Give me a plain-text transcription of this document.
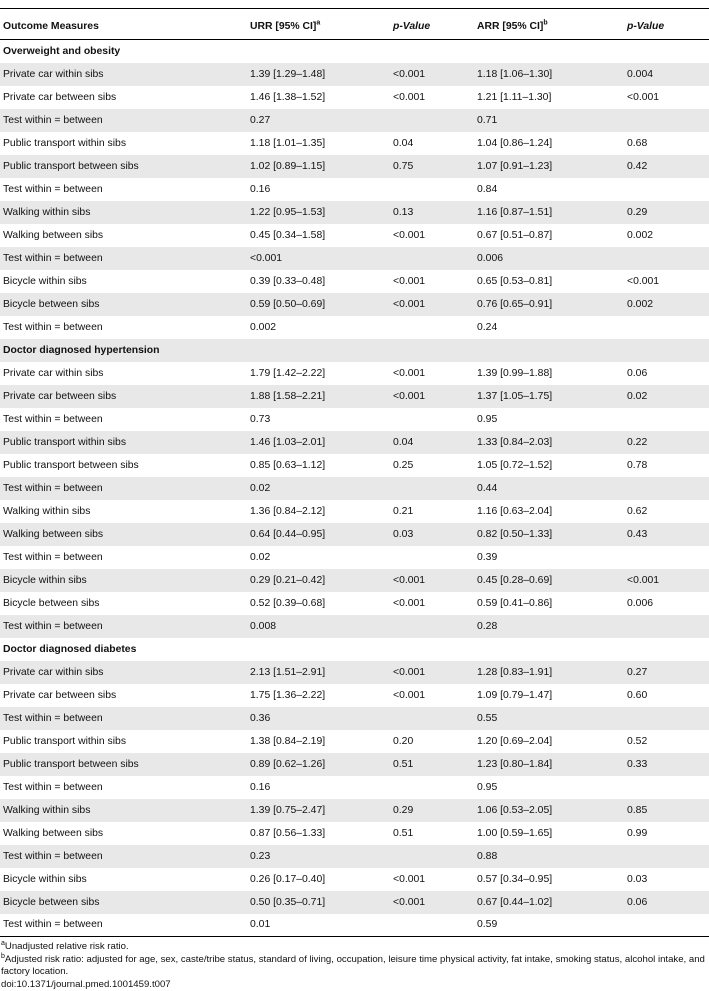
Outcome Measures	URR [95% CI]$^a$	p-Value	ARR [95% CI]$^b$	p-Value
Overweight and obesity				
Private car within sibs	1.39 [1.29–1.48]	<0.001	1.18 [1.06–1.30]	0.004
Private car between sibs	1.46 [1.38–1.52]	<0.001	1.21 [1.11–1.30]	<0.001
Test within = between	0.27		0.71	
Public transport within sibs	1.18 [1.01–1.35]	0.04	1.04 [0.86–1.24]	0.68
Public transport between sibs	1.02 [0.89–1.15]	0.75	1.07 [0.91–1.23]	0.42
Test within = between	0.16		0.84	
Walking within sibs	1.22 [0.95–1.53]	0.13	1.16 [0.87–1.51]	0.29
Walking between sibs	0.45 [0.34–1.58]	<0.001	0.67 [0.51–0.87]	0.002
Test within = between	<0.001		0.006	
Bicycle within sibs	0.39 [0.33–0.48]	<0.001	0.65 [0.53–0.81]	<0.001
Bicycle between sibs	0.59 [0.50–0.69]	<0.001	0.76 [0.65–0.91]	0.002
Test within = between	0.002		0.24	
Doctor diagnosed hypertension				
Private car within sibs	1.79 [1.42–2.22]	<0.001	1.39 [0.99–1.88]	0.06
Private car between sibs	1.88 [1.58–2.21]	<0.001	1.37 [1.05–1.75]	0.02
Test within = between	0.73		0.95	
Public transport within sibs	1.46 [1.03–2.01]	0.04	1.33 [0.84–2.03]	0.22
Public transport between sibs	0.85 [0.63–1.12]	0.25	1.05 [0.72–1.52]	0.78
Test within = between	0.02		0.44	
Walking within sibs	1.36 [0.84–2.12]	0.21	1.16 [0.63–2.04]	0.62
Walking between sibs	0.64 [0.44–0.95]	0.03	0.82 [0.50–1.33]	0.43
Test within = between	0.02		0.39	
Bicycle within sibs	0.29 [0.21–0.42]	<0.001	0.45 [0.28–0.69]	<0.001
Bicycle between sibs	0.52 [0.39–0.68]	<0.001	0.59 [0.41–0.86]	0.006
Test within = between	0.008		0.28	
Doctor diagnosed diabetes				
Private car within sibs	2.13 [1.51–2.91]	<0.001	1.28 [0.83–1.91]	0.27
Private car between sibs	1.75 [1.36–2.22]	<0.001	1.09 [0.79–1.47]	0.60
Test within = between	0.36		0.55	
Public transport within sibs	1.38 [0.84–2.19]	0.20	1.20 [0.69–2.04]	0.52
Public transport between sibs	0.89 [0.62–1.26]	0.51	1.23 [0.80–1.84]	0.33
Test within = between	0.16		0.95	
Walking within sibs	1.39 [0.75–2.47]	0.29	1.06 [0.53–2.05]	0.85
Walking between sibs	0.87 [0.56–1.33]	0.51	1.00 [0.59–1.65]	0.99
Test within = between	0.23		0.88	
Bicycle within sibs	0.26 [0.17–0.40]	<0.001	0.57 [0.34–0.95]	0.03
Bicycle between sibs	0.50 [0.35–0.71]	<0.001	0.67 [0.44–1.02]	0.06
Test within = between	0.01		0.59	
$^a$Unadjusted relative risk ratio.
$^b$Adjusted risk ratio: adjusted for age, sex, caste/tribe status, standard of living, occupation, leisure time physical activity, fat intake, smoking status, alcohol intake, and factory location.
doi:10.1371/journal.pmed.1001459.t007
